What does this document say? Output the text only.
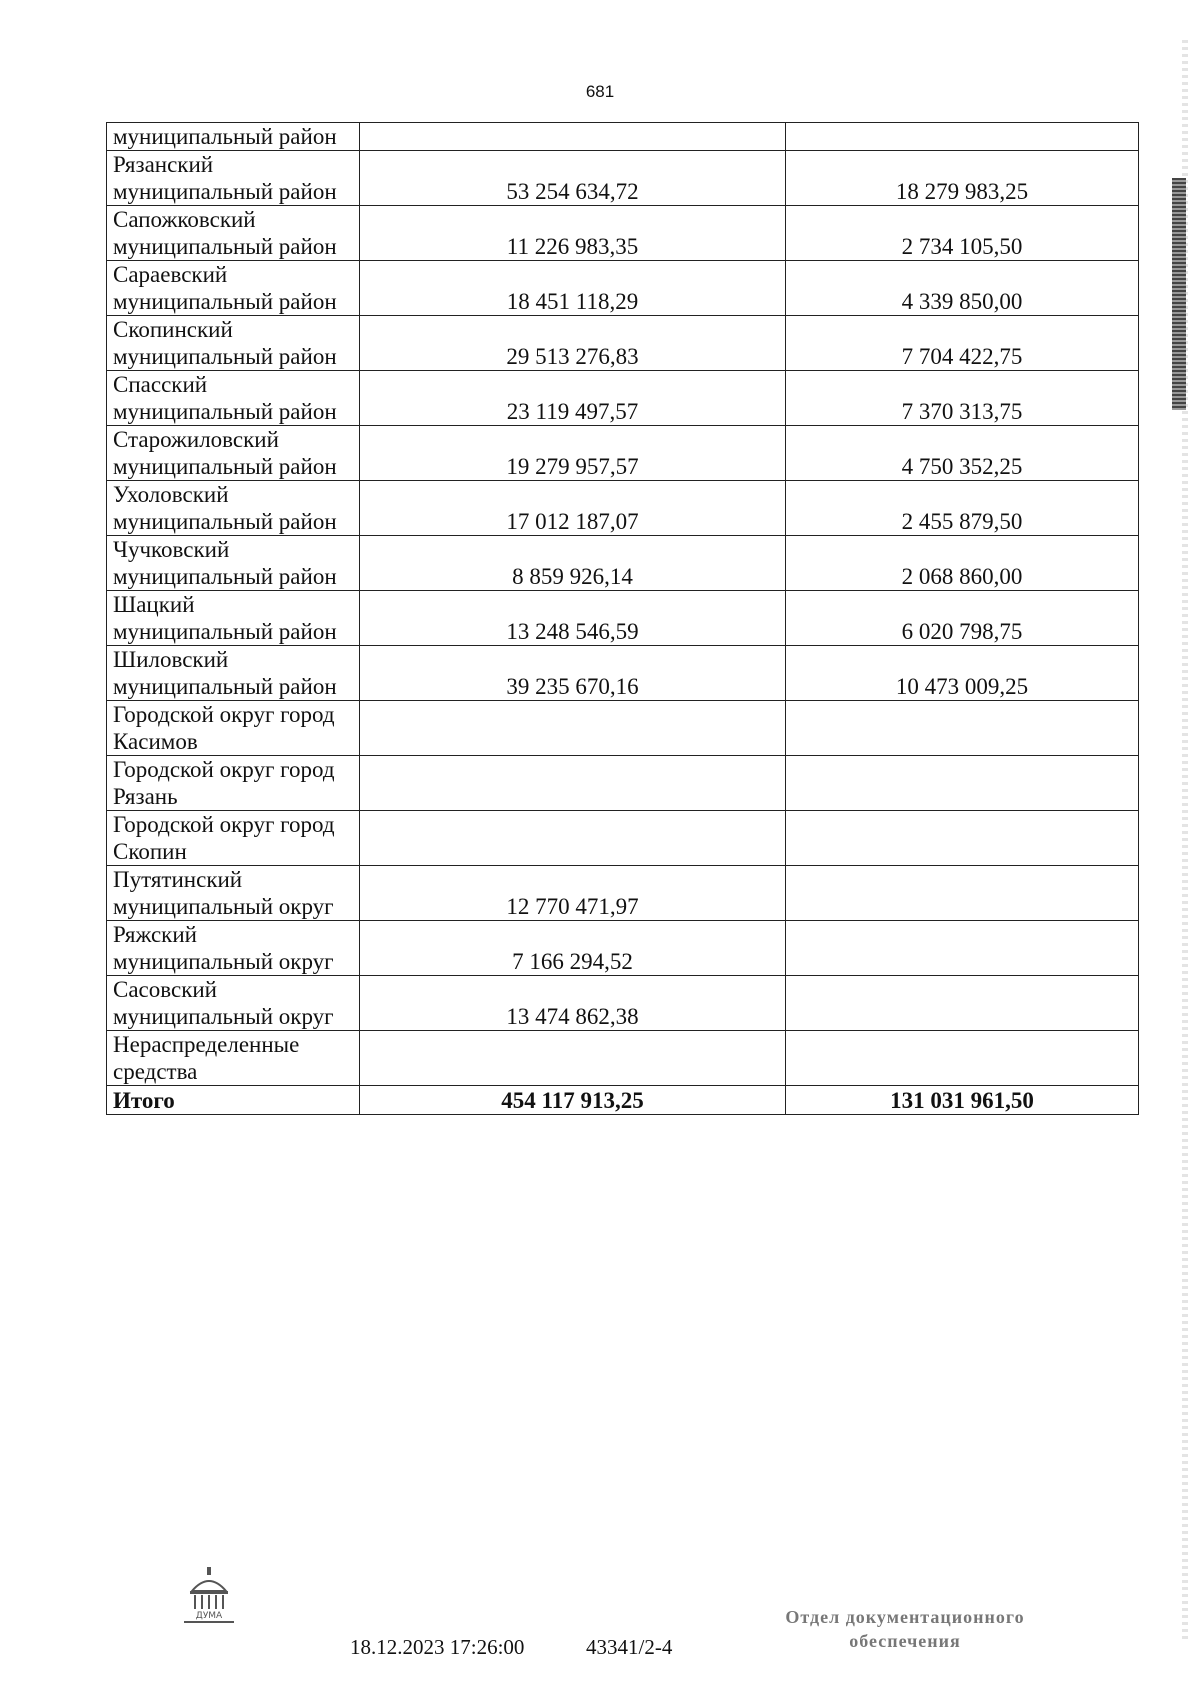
681
муниципальный район		
Рязанский муниципальный район	53 254 634,72	18 279 983,25
Сапожковский муниципальный район	11 226 983,35	2 734 105,50
Сараевский муниципальный район	18 451 118,29	4 339 850,00
Скопинский муниципальный район	29 513 276,83	7 704 422,75
Спасский муниципальный район	23 119 497,57	7 370 313,75
Старожиловский муниципальный район	19 279 957,57	4 750 352,25
Ухоловский муниципальный район	17 012 187,07	2 455 879,50
Чучковский муниципальный район	8 859 926,14	2 068 860,00
Шацкий муниципальный район	13 248 546,59	6 020 798,75
Шиловский муниципальный район	39 235 670,16	10 473 009,25
Городской округ город Касимов		
Городской округ город Рязань		
Городской округ город Скопин		
Путятинский муниципальный округ	12 770 471,97	
Ряжский муниципальный округ	7 166 294,52	
Сасовский муниципальный округ	13 474 862,38	
Нераспределенные средства		
Итого	454 117 913,25	131 031 961,50
ДУМА
18.12.2023 17:26:00	43341/2-4
Отдел документационного
обеспечения
